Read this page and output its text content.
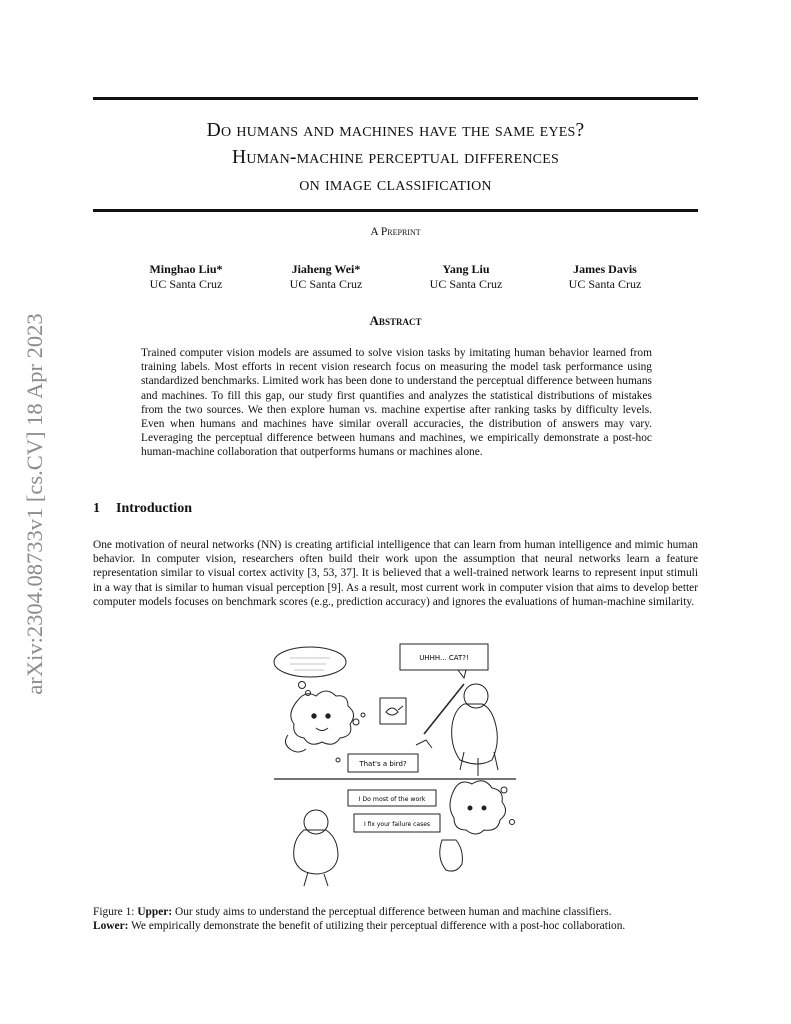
arXiv:2304.08733v1 [cs.CV] 18 Apr 2023
Do humans and machines have the same eyes?
Human-machine perceptual differences
on image classification
A Preprint
Minghao Liu*
UC Santa Cruz
Jiaheng Wei*
UC Santa Cruz
Yang Liu
UC Santa Cruz
James Davis
UC Santa Cruz
Abstract
Trained computer vision models are assumed to solve vision tasks by imitating human behavior learned from training labels. Most efforts in recent vision research focus on measuring the model task performance using standardized benchmarks. Limited work has been done to understand the perceptual difference between humans and machines. To fill this gap, our study first quantifies and analyzes the statistical distributions of mistakes from the two sources. We then explore human vs. machine expertise after ranking tasks by difficulty levels. Even when humans and machines have similar overall accuracies, the distribution of answers may vary. Leveraging the perceptual difference between humans and machines, we empirically demonstrate a post-hoc human-machine collaboration that outperforms humans or machines alone.
1 Introduction
One motivation of neural networks (NN) is creating artificial intelligence that can learn from human intelligence and mimic human behavior. In computer vision, researchers often build their work upon the assumption that neural networks learn a feature representation similar to visual cortex activity [3, 53, 37]. It is believed that a well-trained network learns to represent input stimuli in a way that is similar to human visual perception [9]. As a result, most current work in computer vision that aims to develop better computer models focuses on benchmark scores (e.g., prediction accuracy) and ignores the evaluations of human-machine similarity.
UHHH... CAT?!
That's a bird?
I Do most of the work
I fix your failure cases
Figure 1: Upper: Our study aims to understand the perceptual difference between human and machine classifiers.
Lower: We empirically demonstrate the benefit of utilizing their perceptual difference with a post-hoc collaboration.
